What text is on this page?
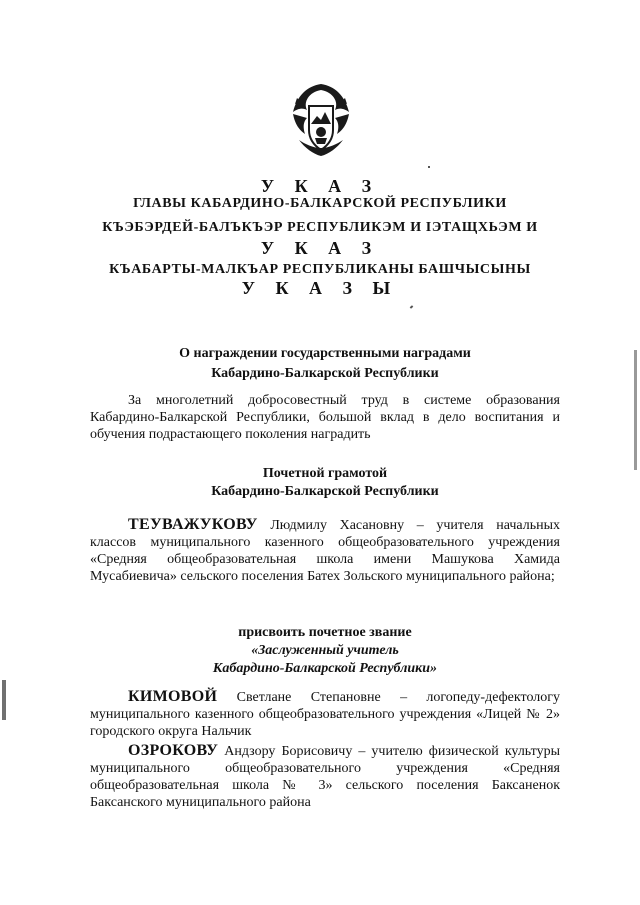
У К А З
ГЛАВЫ КАБАРДИНО-БАЛКАРСКОЙ РЕСПУБЛИКИ
КЪЭБЭРДЕЙ-БАЛЪКЪЭР РЕСПУБЛИКЭМ И ІЭТАЩХЬЭМ И
У К А З
КЪАБАРТЫ-МАЛКЪАР РЕСПУБЛИКАНЫ БАШЧЫСЫНЫ
У К А З Ы
О награждении государственными наградами
Кабардино-Балкарской Республики
За многолетний добросовестный труд в системе образования Кабардино-Балкарской Республики, большой вклад в дело воспитания и обучения подрастающего поколения наградить
Почетной грамотой
Кабардино-Балкарской Республики
ТЕУВАЖУКОВУ Людмилу Хасановну – учителя начальных классов муниципального казенного общеобразовательного учреждения «Средняя общеобразовательная школа имени Машукова Хамида Мусабиевича» сельского поселения Батех Зольского муниципального района;
присвоить почетное звание
«Заслуженный учитель
Кабардино-Балкарской Республики»
КИМОВОЙ Светлане Степановне – логопеду-дефектологу муниципального казенного общеобразовательного учреждения «Лицей № 2» городского округа Нальчик
ОЗРОКОВУ Андзору Борисовичу – учителю физической культуры муниципального общеобразовательного учреждения «Средняя общеобразовательная школа № 3» сельского поселения Баксаненок Баксанского муниципального района
